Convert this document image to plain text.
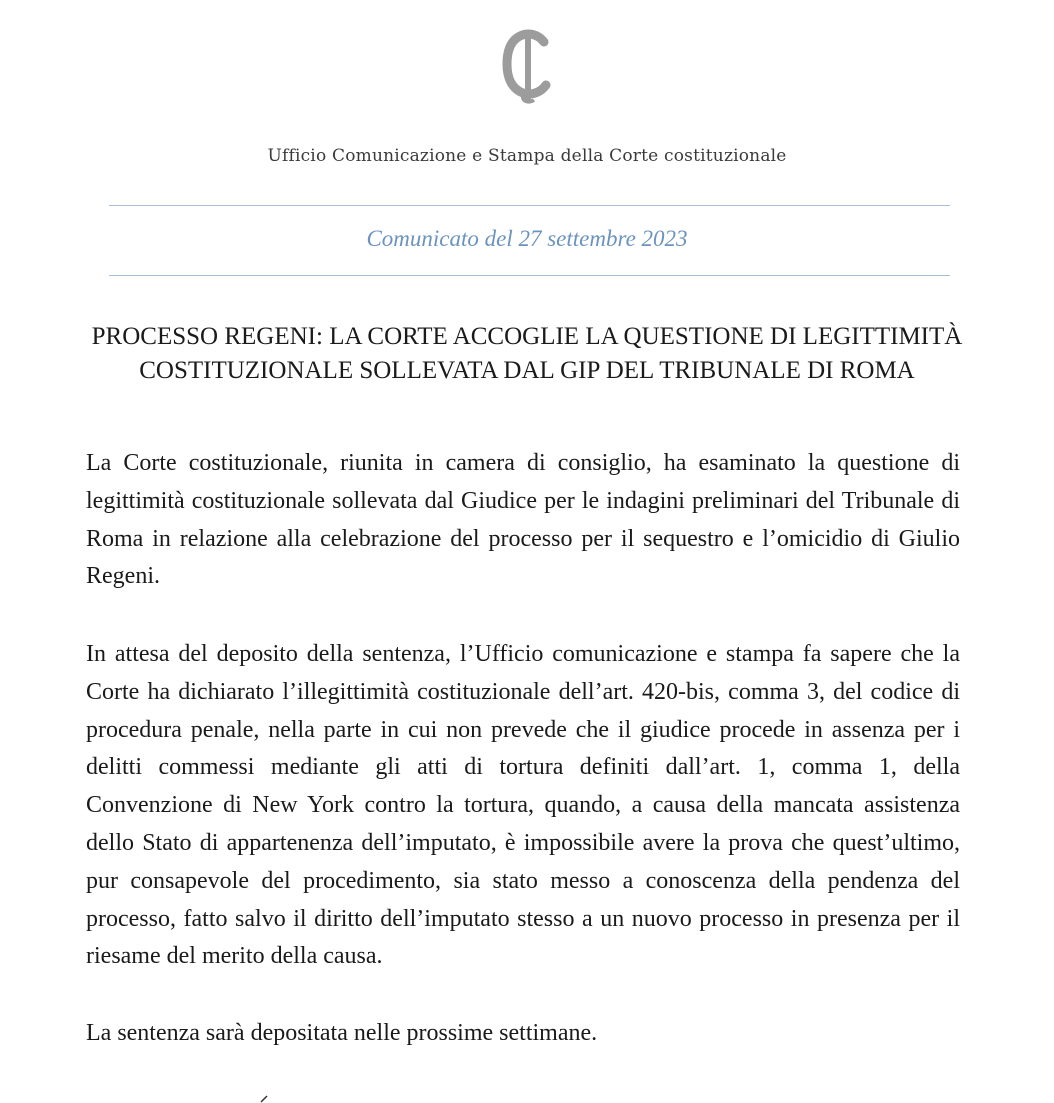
Ufficio Comunicazione e Stampa della Corte costituzionale
Comunicato del 27 settembre 2023
PROCESSO REGENI: LA CORTE ACCOGLIE LA QUESTIONE DI LEGITTIMITÀ COSTITUZIONALE SOLLEVATA DAL GIP DEL TRIBUNALE DI ROMA
La Corte costituzionale, riunita in camera di consiglio, ha esaminato la questione di legittimità costituzionale sollevata dal Giudice per le indagini preliminari del Tribunale di Roma in relazione alla celebrazione del processo per il sequestro e l’omicidio di Giulio Regeni.
In attesa del deposito della sentenza, l’Ufficio comunicazione e stampa fa sapere che la Corte ha dichiarato l’illegittimità costituzionale dell’art. 420-bis, comma 3, del codice di procedura penale, nella parte in cui non prevede che il giudice procede in assenza per i delitti commessi mediante gli atti di tortura definiti dall’art. 1, comma 1, della Convenzione di New York contro la tortura, quando, a causa della mancata assistenza dello Stato di appartenenza dell’imputato, è impossibile avere la prova che quest’ultimo, pur consapevole del procedimento, sia stato messo a conoscenza della pendenza del processo, fatto salvo il diritto dell’imputato stesso a un nuovo processo in presenza per il riesame del merito della causa.
La sentenza sarà depositata nelle prossime settimane.
